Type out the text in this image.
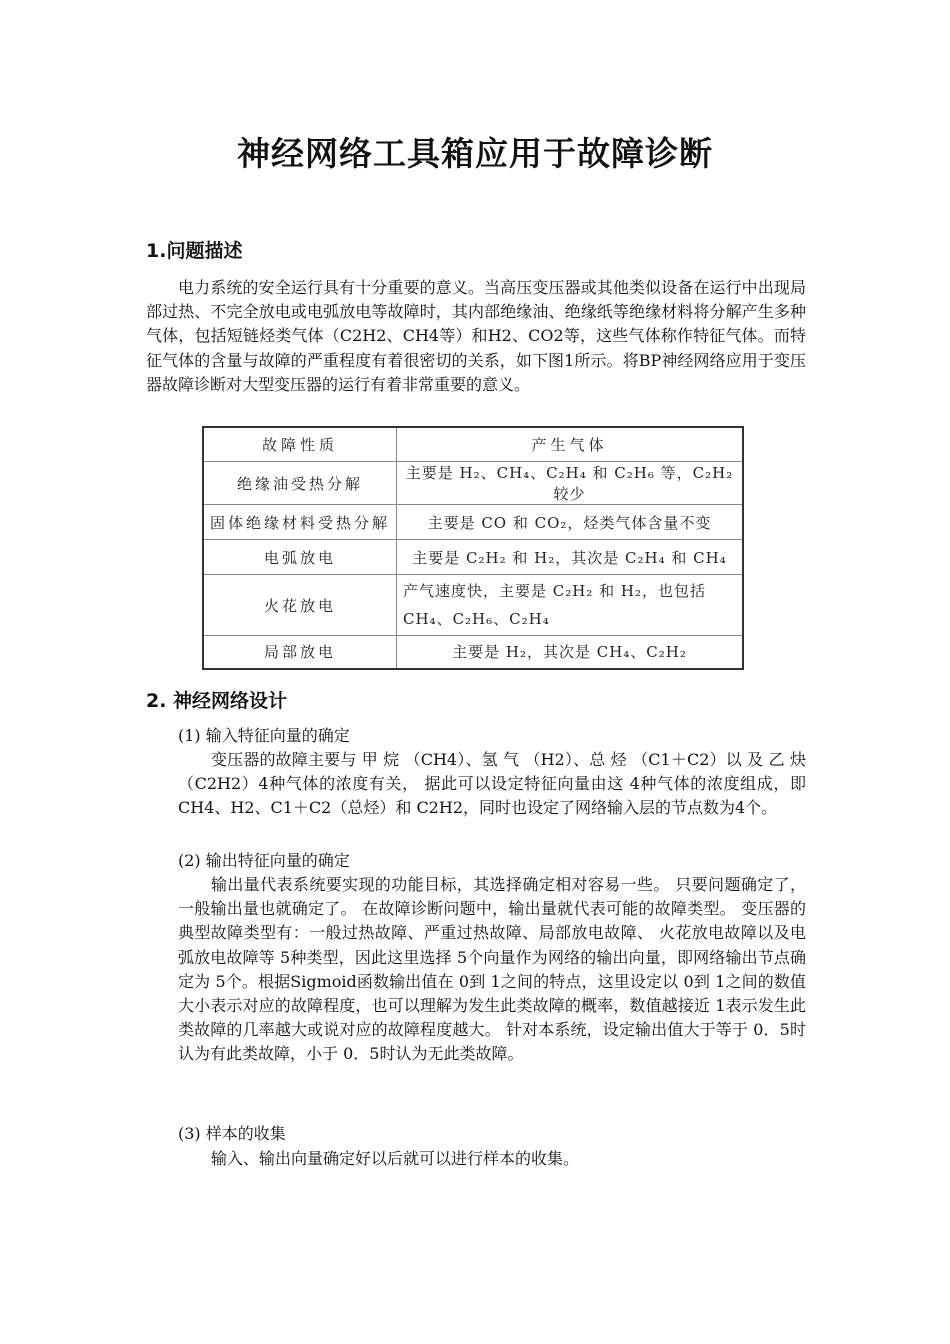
神经网络工具箱应用于故障诊断
1.问题描述

电力系统的安全运行具有十分重要的意义。当高压变压器或其他类似设备在运行中出现局部过热、不完全放电或电弧放电等故障时，其内部绝缘油、绝缘纸等绝缘材料将分解产生多种气体，包括短链烃类气体（C2H2、CH4等）和H2、CO2等，这些气体称作特征气体。而特征气体的含量与故障的严重程度有着很密切的关系，如下图1所示。将BP神经网络应用于变压器故障诊断对大型变压器的运行有着非常重要的意义。

故障性质	产生气体
绝缘油受热分解	主要是 H₂、CH₄、C₂H₄ 和 C₂H₆ 等，C₂H₂ 较少
固体绝缘材料受热分解	主要是 CO 和 CO₂，烃类气体含量不变
电弧放电	主要是 C₂H₂ 和 H₂，其次是 C₂H₄ 和 CH₄
火花放电	产气速度快，主要是 C₂H₂ 和 H₂，也包括 CH₄、C₂H₆、C₂H₄
局部放电	主要是 H₂，其次是 CH₄、C₂H₂
2. 神经网络设计
(1) 输入特征向量的确定

变压器的故障主要与 甲 烷 （CH4）、氢 气 （H2）、总 烃 （C1＋C2）以 及 乙 炔（C2H2）4种气体的浓度有关， 据此可以设定特征向量由这 4种气体的浓度组成，即 CH4、H2、C1＋C2（总烃）和 C2H2，同时也设定了网络输入层的节点数为4个。

(2) 输出特征向量的确定

输出量代表系统要实现的功能目标，其选择确定相对容易一些。 只要问题确定了，一般输出量也就确定了。 在故障诊断问题中，输出量就代表可能的故障类型。 变压器的典型故障类型有：一般过热故障、严重过热故障、局部放电故障、 火花放电故障以及电弧放电故障等 5种类型，因此这里选择 5个向量作为网络的输出向量，即网络输出节点确定为 5个。根据Sigmoid函数输出值在 0到 1之间的特点，这里设定以 0到 1之间的数值大小表示对应的故障程度，也可以理解为发生此类故障的概率，数值越接近 1表示发生此类故障的几率越大或说对应的故障程度越大。 针对本系统，设定输出值大于等于 0．5时认为有此类故障，小于 0．5时认为无此类故障。

(3) 样本的收集

输入、输出向量确定好以后就可以进行样本的收集。
